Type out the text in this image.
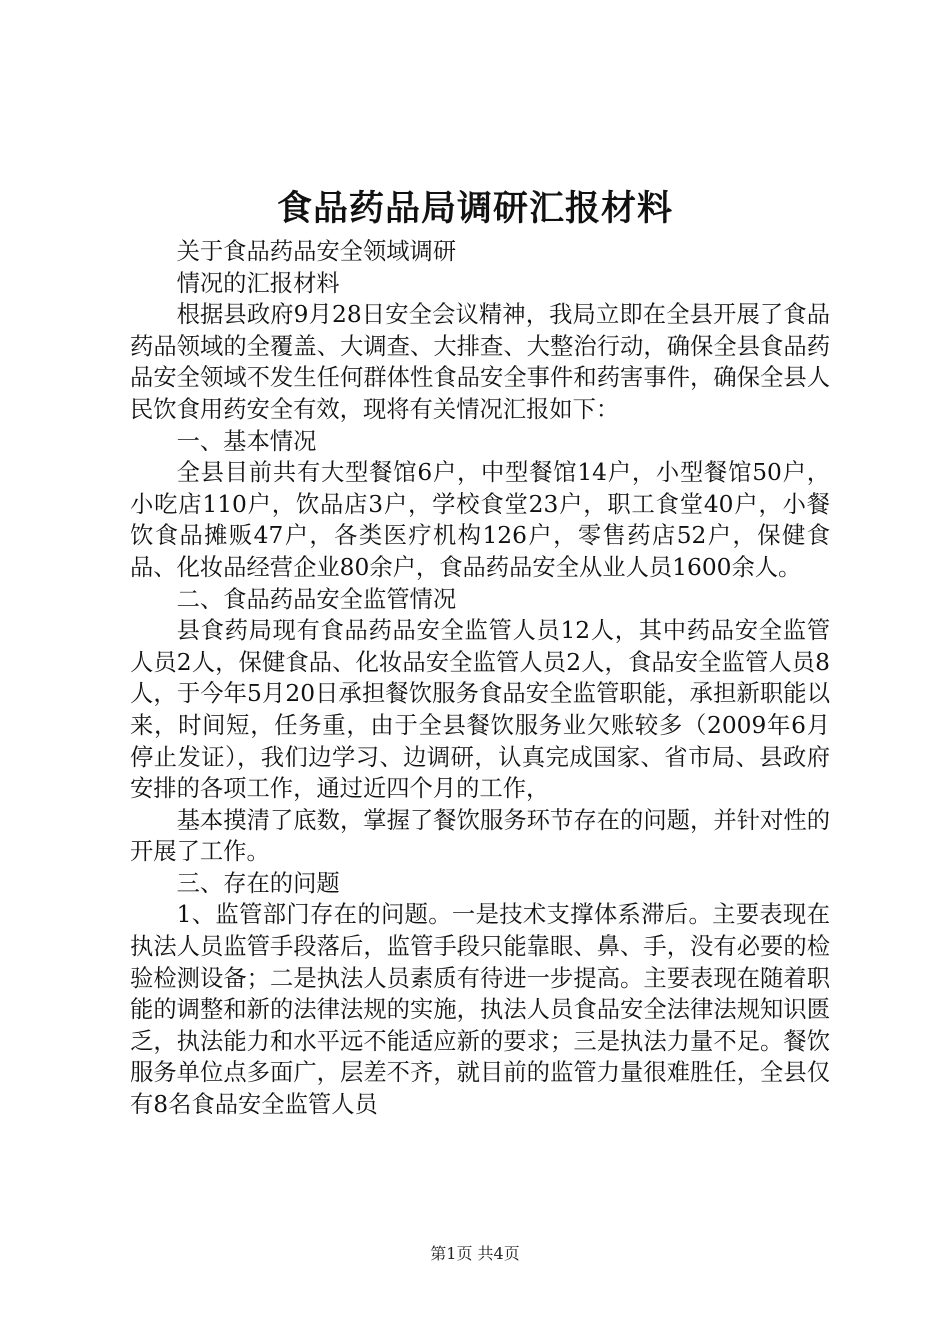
食品药品局调研汇报材料

关于食品药品安全领域调研

情况的汇报材料

根据县政府9月28日安全会议精神，我局立即在全县开展了食品药品领域的全覆盖、大调查、大排查、大整治行动，确保全县食品药品安全领域不发生任何群体性食品安全事件和药害事件，确保全县人民饮食用药安全有效，现将有关情况汇报如下：

一、基本情况

全县目前共有大型餐馆6户，中型餐馆14户，小型餐馆50户，小吃店110户，饮品店3户，学校食堂23户，职工食堂40户，小餐饮食品摊贩47户，各类医疗机构126户，零售药店52户，保健食品、化妆品经营企业80余户，食品药品安全从业人员1600余人。

二、食品药品安全监管情况

县食药局现有食品药品安全监管人员12人，其中药品安全监管人员2人，保健食品、化妆品安全监管人员2人，食品安全监管人员8人，于今年5月20日承担餐饮服务食品安全监管职能，承担新职能以来，时间短，任务重，由于全县餐饮服务业欠账较多（2009年6月停止发证），我们边学习、边调研，认真完成国家、省市局、县政府安排的各项工作，通过近四个月的工作，

基本摸清了底数，掌握了餐饮服务环节存在的问题，并针对性的开展了工作。

三、存在的问题

1、监管部门存在的问题。一是技术支撑体系滞后。主要表现在执法人员监管手段落后，监管手段只能靠眼、鼻、手，没有必要的检验检测设备；二是执法人员素质有待进一步提高。主要表现在随着职能的调整和新的法律法规的实施，执法人员食品安全法律法规知识匮乏，执法能力和水平远不能适应新的要求；三是执法力量不足。餐饮服务单位点多面广，层差不齐，就目前的监管力量很难胜任，全县仅有8名食品安全监管人员

第1页 共4页
